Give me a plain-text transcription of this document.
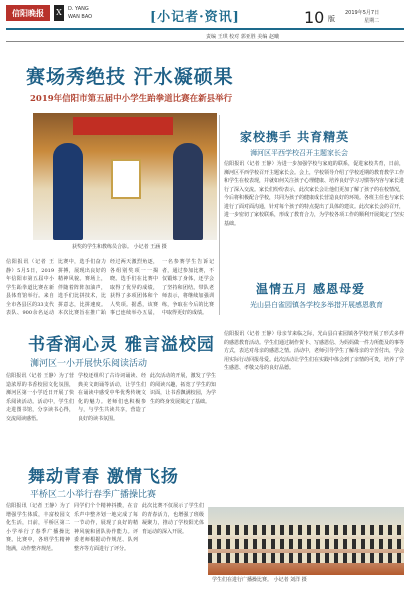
信阳晚报	X	D. YANG
WAN BAO	[小记者·资讯]	10 版
2019年5月7日
星期二
责编 王琪 校对 郭亚胜 美编 赵曦
赛场秀绝技 汗水凝硕果
2019年信阳市第五届中小学生跆拳道比赛在新县举行
获奖的学生和教练员合影。 小记者 王涵 摄
信阳报讯（记者 王静）5月5日，2019年信阳市第五届中小学生跆拳道比赛在新县体育馆举行。来自全市各县区的33支代表队、900余名运动
比赛中，选手们奋力拼搏，展现出良好的精神风貌。赛场上，伴随着阵阵加油声，选手们比拼技术，比拼意志，比拼速度。本次比赛旨在推广跆
经过两天激烈角逐，各组别奖项一一揭晓。选手们在比赛中取得了优异的成绩，获得了多项团体和个人奖项。据悉，该赛事已连续举办五届，
一名参赛学生告诉记者，通过参加比赛，不仅锻炼了身体，还学会了坚持和团结。带队老师表示，将继续加强训练，争取在今后的比赛中取得更好的成绩。
家校携手 共育精英
浉河区平西学校召开主题家长会
信阳报讯（记者 王静）为进一步加强学校与家庭的联系，促进家校共育，日前，浉河区平西学校召开主题家长会。会上，学校领导介绍了学校近期的教育教学工作和学生在校表现，并就如何关注孩子心理健康、培养良好学习习惯等内容与家长进行了深入交流。家长们纷纷表示，此次家长会让他们更加了解了孩子的在校情况，今后将积极配合学校，共同为孩子的健康成长营造良好的环境。各班主任也与家长进行了面对面沟通，针对每个孩子的特点提出了具体的建议。此次家长会的召开，进一步密切了家校联系，形成了教育合力，为学校各项工作的顺利开展奠定了坚实基础。
温情五月 感恩母爱
光山县白雀园镇各学校多举措开展感恩教育
信阳报讯（记者 王静）母亲节来临之际，光山县白雀园镇各学校开展了形式多样的感恩教育活动。学生们通过制作贺卡、写感恩信、为妈妈做一件力所能及的事等方式，表达对母亲的感恩之情。活动中，老师引导学生了解母亲的辛苦付出，学会用实际行动回报母爱。此次活动让学生们在实践中体会到了亲情的可贵，培养了学生感恩、孝敬父母的良好品德。
书香润心灵 雅言溢校园
浉河区一小开展快乐阅读活动
信阳报讯（记者 王静）为了营造浓厚的书香校园文化氛围，浉河区第一小学近日开展了快乐阅读活动。活动中，学生们走进图书馆，分享读书心得，交流阅读感悟。
学校还组织了古诗词诵读、经典美文朗诵等活动，让学生们在诵读中感受中华优秀传统文化的魅力。老师们也积极参与，与学生共读共享，营造了良好的读书氛围。
此次活动的开展，激发了学生的阅读兴趣，拓宽了学生的知识面，让书香飘满校园，为学生的终身发展奠定了基础。
舞动青春 激情飞扬
平桥区二小举行春季广播操比赛
信阳报讯（记者 王静）为了增强学生体质，丰富校园文化生活，日前，平桥区第二小学举行了春季广播操比赛。比赛中，各班学生精神饱满，动作整齐规范。
同学们个个精神抖擞，在音乐声中整齐划一地完成了每一节动作，展现了良好的精神风貌和团队协作能力。评委老师根据动作规范、队列整齐等方面进行了评分。
此次比赛不仅展示了学生们的青春活力，也增强了班级凝聚力，推动了学校阳光体育运动的深入开展。
学生们在进行广播操比赛。 小记者 刘洋 摄
